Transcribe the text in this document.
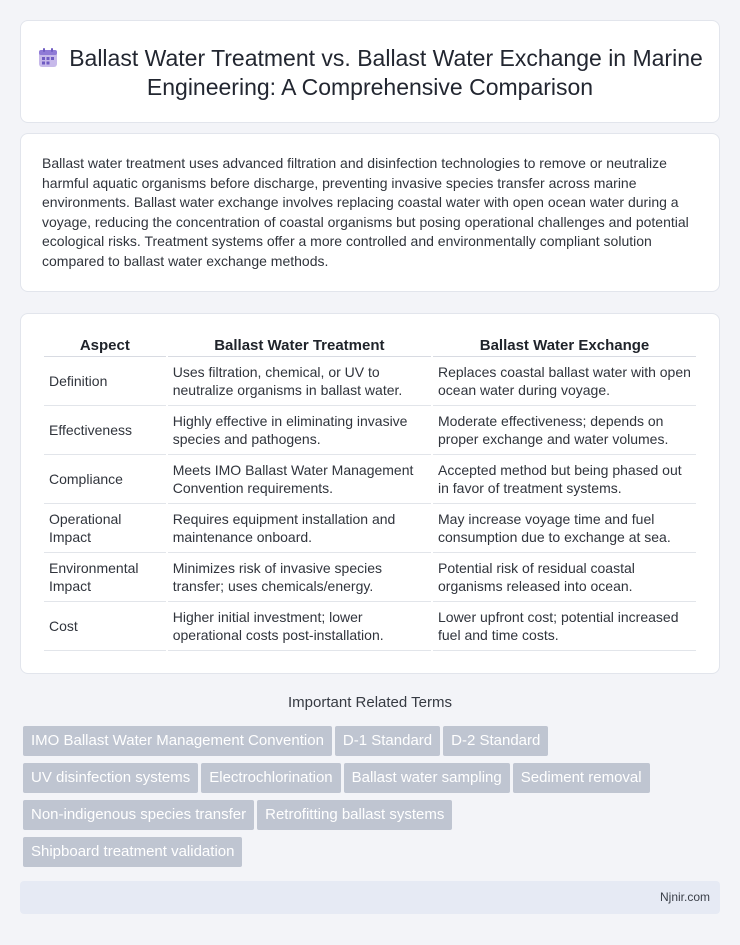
Ballast Water Treatment vs. Ballast Water Exchange in Marine Engineering: A Comprehensive Comparison

Ballast water treatment uses advanced filtration and disinfection technologies to remove or neutralize harmful aquatic organisms before discharge, preventing invasive species transfer across marine environments. Ballast water exchange involves replacing coastal water with open ocean water during a voyage, reducing the concentration of coastal organisms but posing operational challenges and potential ecological risks. Treatment systems offer a more controlled and environmentally compliant solution compared to ballast water exchange methods.

Aspect	Ballast Water Treatment	Ballast Water Exchange
Definition	Uses filtration, chemical, or UV to neutralize organisms in ballast water.	Replaces coastal ballast water with open ocean water during voyage.
Effectiveness	Highly effective in eliminating invasive species and pathogens.	Moderate effectiveness; depends on proper exchange and water volumes.
Compliance	Meets IMO Ballast Water Management Convention requirements.	Accepted method but being phased out in favor of treatment systems.
Operational Impact	Requires equipment installation and maintenance onboard.	May increase voyage time and fuel consumption due to exchange at sea.
Environmental Impact	Minimizes risk of invasive species transfer; uses chemicals/energy.	Potential risk of residual coastal organisms released into ocean.
Cost	Higher initial investment; lower operational costs post-installation.	Lower upfront cost; potential increased fuel and time costs.
Important Related Terms
IMO Ballast Water Management Convention D-1 Standard D-2 Standard
UV disinfection systems Electrochlorination Ballast water sampling Sediment removal
Non-indigenous species transfer Retrofitting ballast systems
Shipboard treatment validation
Njnir.com
